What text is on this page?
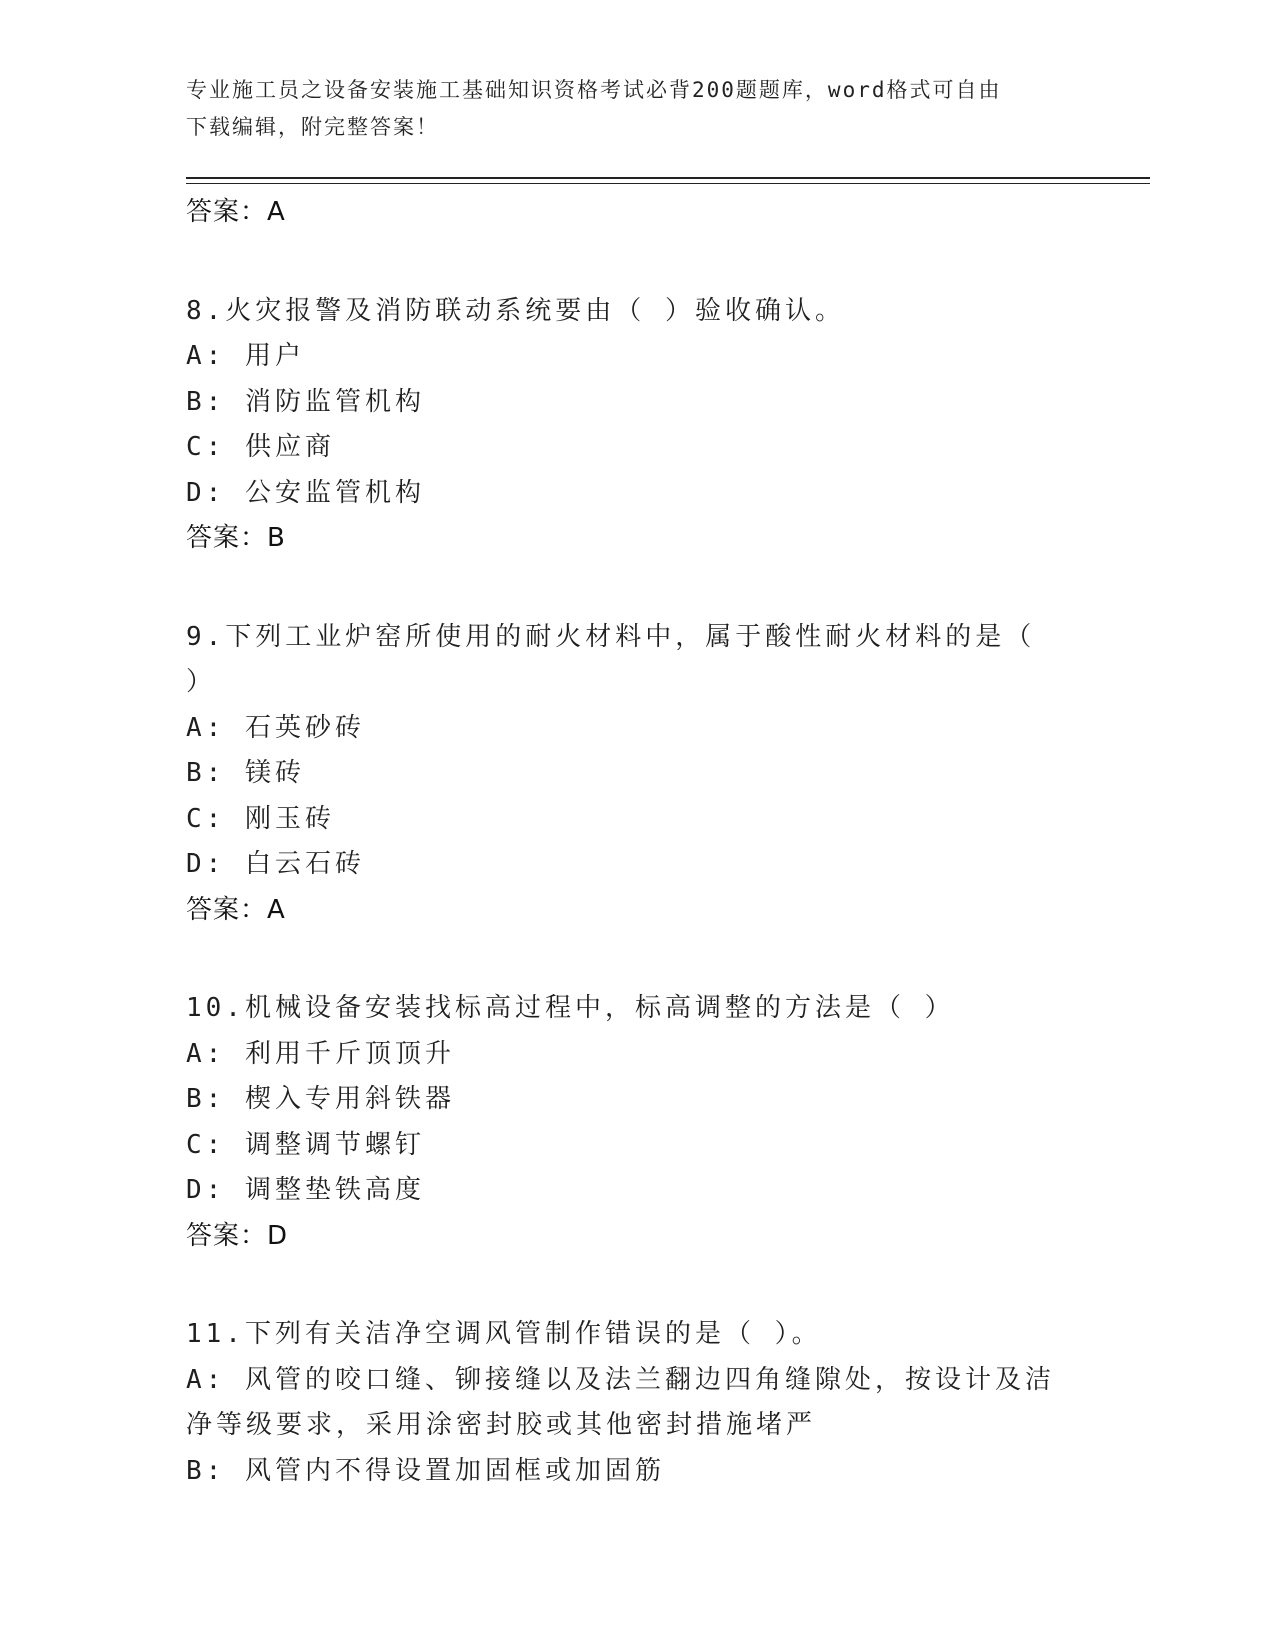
专业施工员之设备安装施工基础知识资格考试必背200题题库，word格式可自由
下载编辑，附完整答案！
答案：A
8.火灾报警及消防联动系统要由（ ）验收确认。
A: 用户
B: 消防监管机构
C: 供应商
D: 公安监管机构
答案：B
9.下列工业炉窑所使用的耐火材料中，属于酸性耐火材料的是（ ）
A: 石英砂砖
B: 镁砖
C: 刚玉砖
D: 白云石砖
答案：A
10.机械设备安装找标高过程中，标高调整的方法是（ ）
A: 利用千斤顶顶升
B: 楔入专用斜铁器
C: 调整调节螺钉
D: 调整垫铁高度
答案：D
11.下列有关洁净空调风管制作错误的是（ ）。
A: 风管的咬口缝、铆接缝以及法兰翻边四角缝隙处，按设计及洁净等级要求，采用涂密封胶或其他密封措施堵严
B: 风管内不得设置加固框或加固筋
